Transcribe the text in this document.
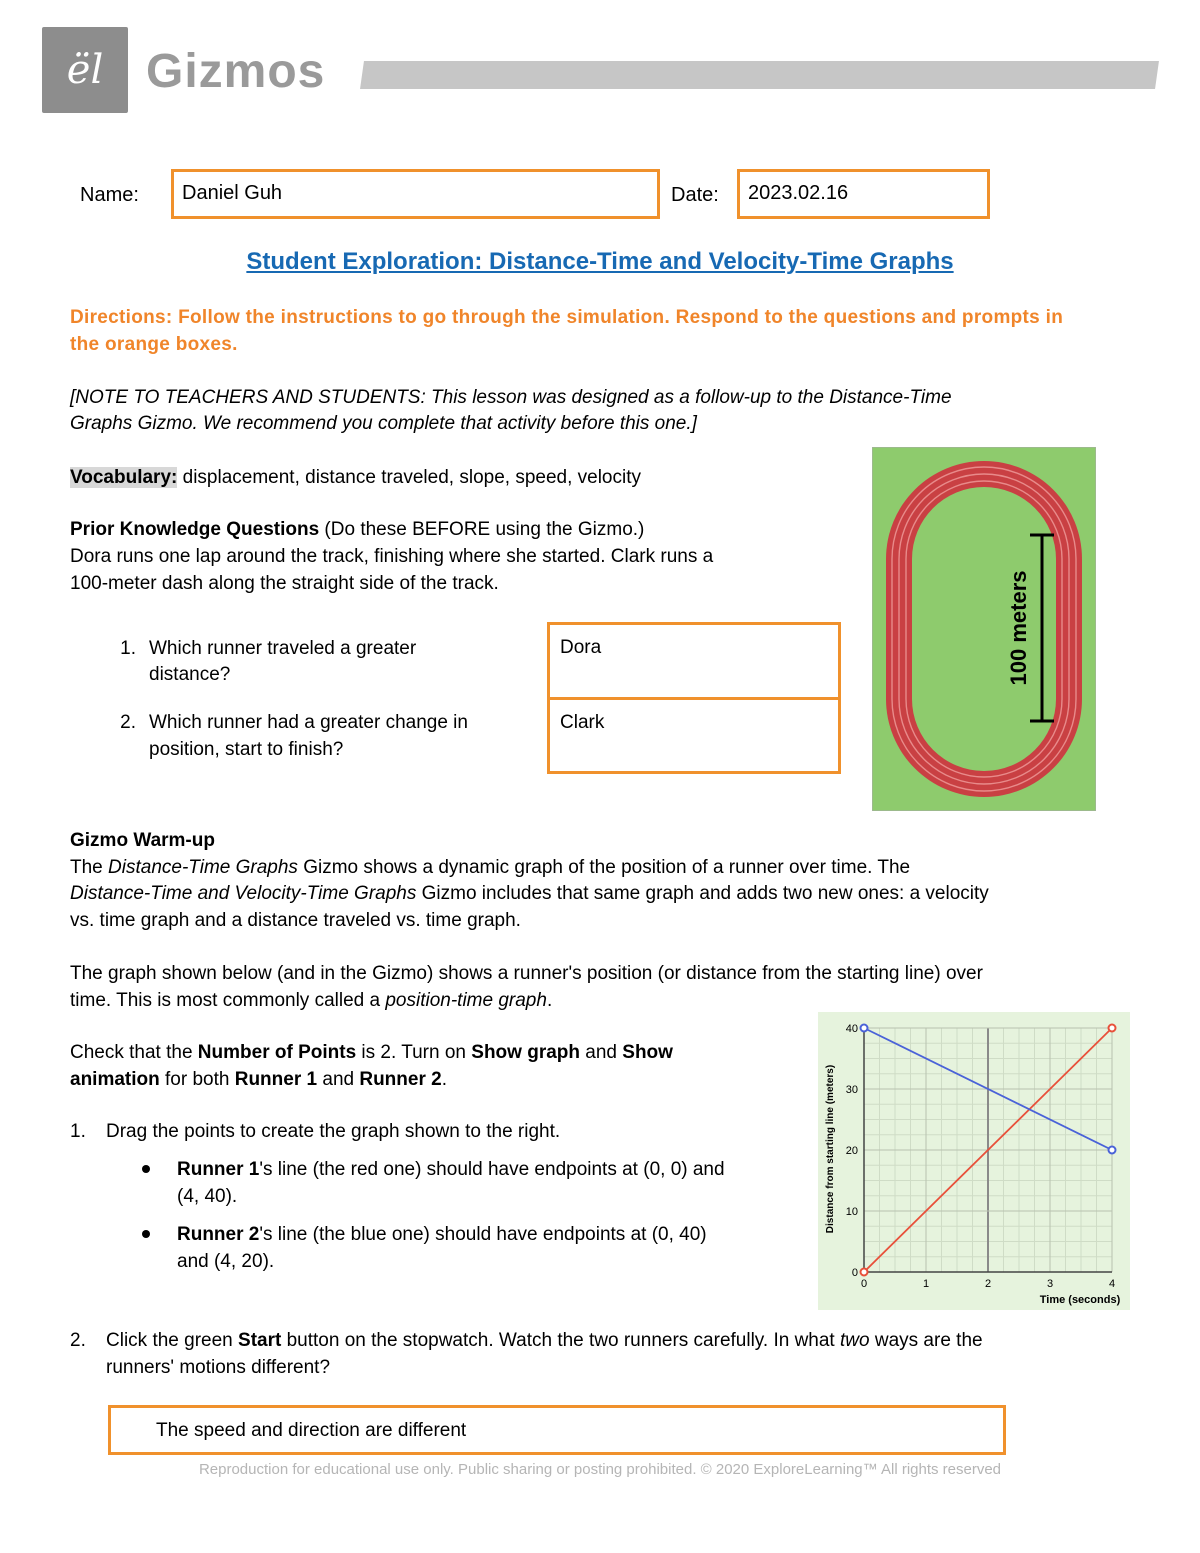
ël Gizmos
Name:	Daniel Guh	Date:	2023.02.16
Student Exploration: Distance-Time and Velocity-Time Graphs
Directions: Follow the instructions to go through the simulation. Respond to the questions and prompts in the orange boxes.
[NOTE TO TEACHERS AND STUDENTS: This lesson was designed as a follow-up to the Distance-Time
Graphs Gizmo. We recommend you complete that activity before this one.]
Vocabulary: displacement, distance traveled, slope, speed, velocity
Prior Knowledge Questions (Do these BEFORE using the Gizmo.)
Dora runs one lap around the track, finishing where she started. Clark runs a
100-meter dash along the straight side of the track.
1. Which runner traveled a greater
distance?
2. Which runner had a greater change in
position, start to finish?
Dora
Clark
100 meters
Gizmo Warm-up
The Distance-Time Graphs Gizmo shows a dynamic graph of the position of a runner over time. The
Distance-Time and Velocity-Time Graphs Gizmo includes that same graph and adds two new ones: a velocity
vs. time graph and a distance traveled vs. time graph.
The graph shown below (and in the Gizmo) shows a runner's position (or distance from the starting line) over
time. This is most commonly called a position-time graph.
Check that the Number of Points is 2. Turn on Show graph and Show
animation for both Runner 1 and Runner 2.
1. Drag the points to create the graph shown to the right.
Runner 1's line (the red one) should have endpoints at (0, 0) and
(4, 40).
Runner 2's line (the blue one) should have endpoints at (0, 40)
and (4, 20).
0	1	2	3	4
0
10
20
30
40
Time (seconds)
Distance from starting line (meters)
2. Click the green Start button on the stopwatch. Watch the two runners carefully. In what two ways are the
runners' motions different?
The speed and direction are different
Reproduction for educational use only. Public sharing or posting prohibited. © 2020 ExploreLearning™ All rights reserved
